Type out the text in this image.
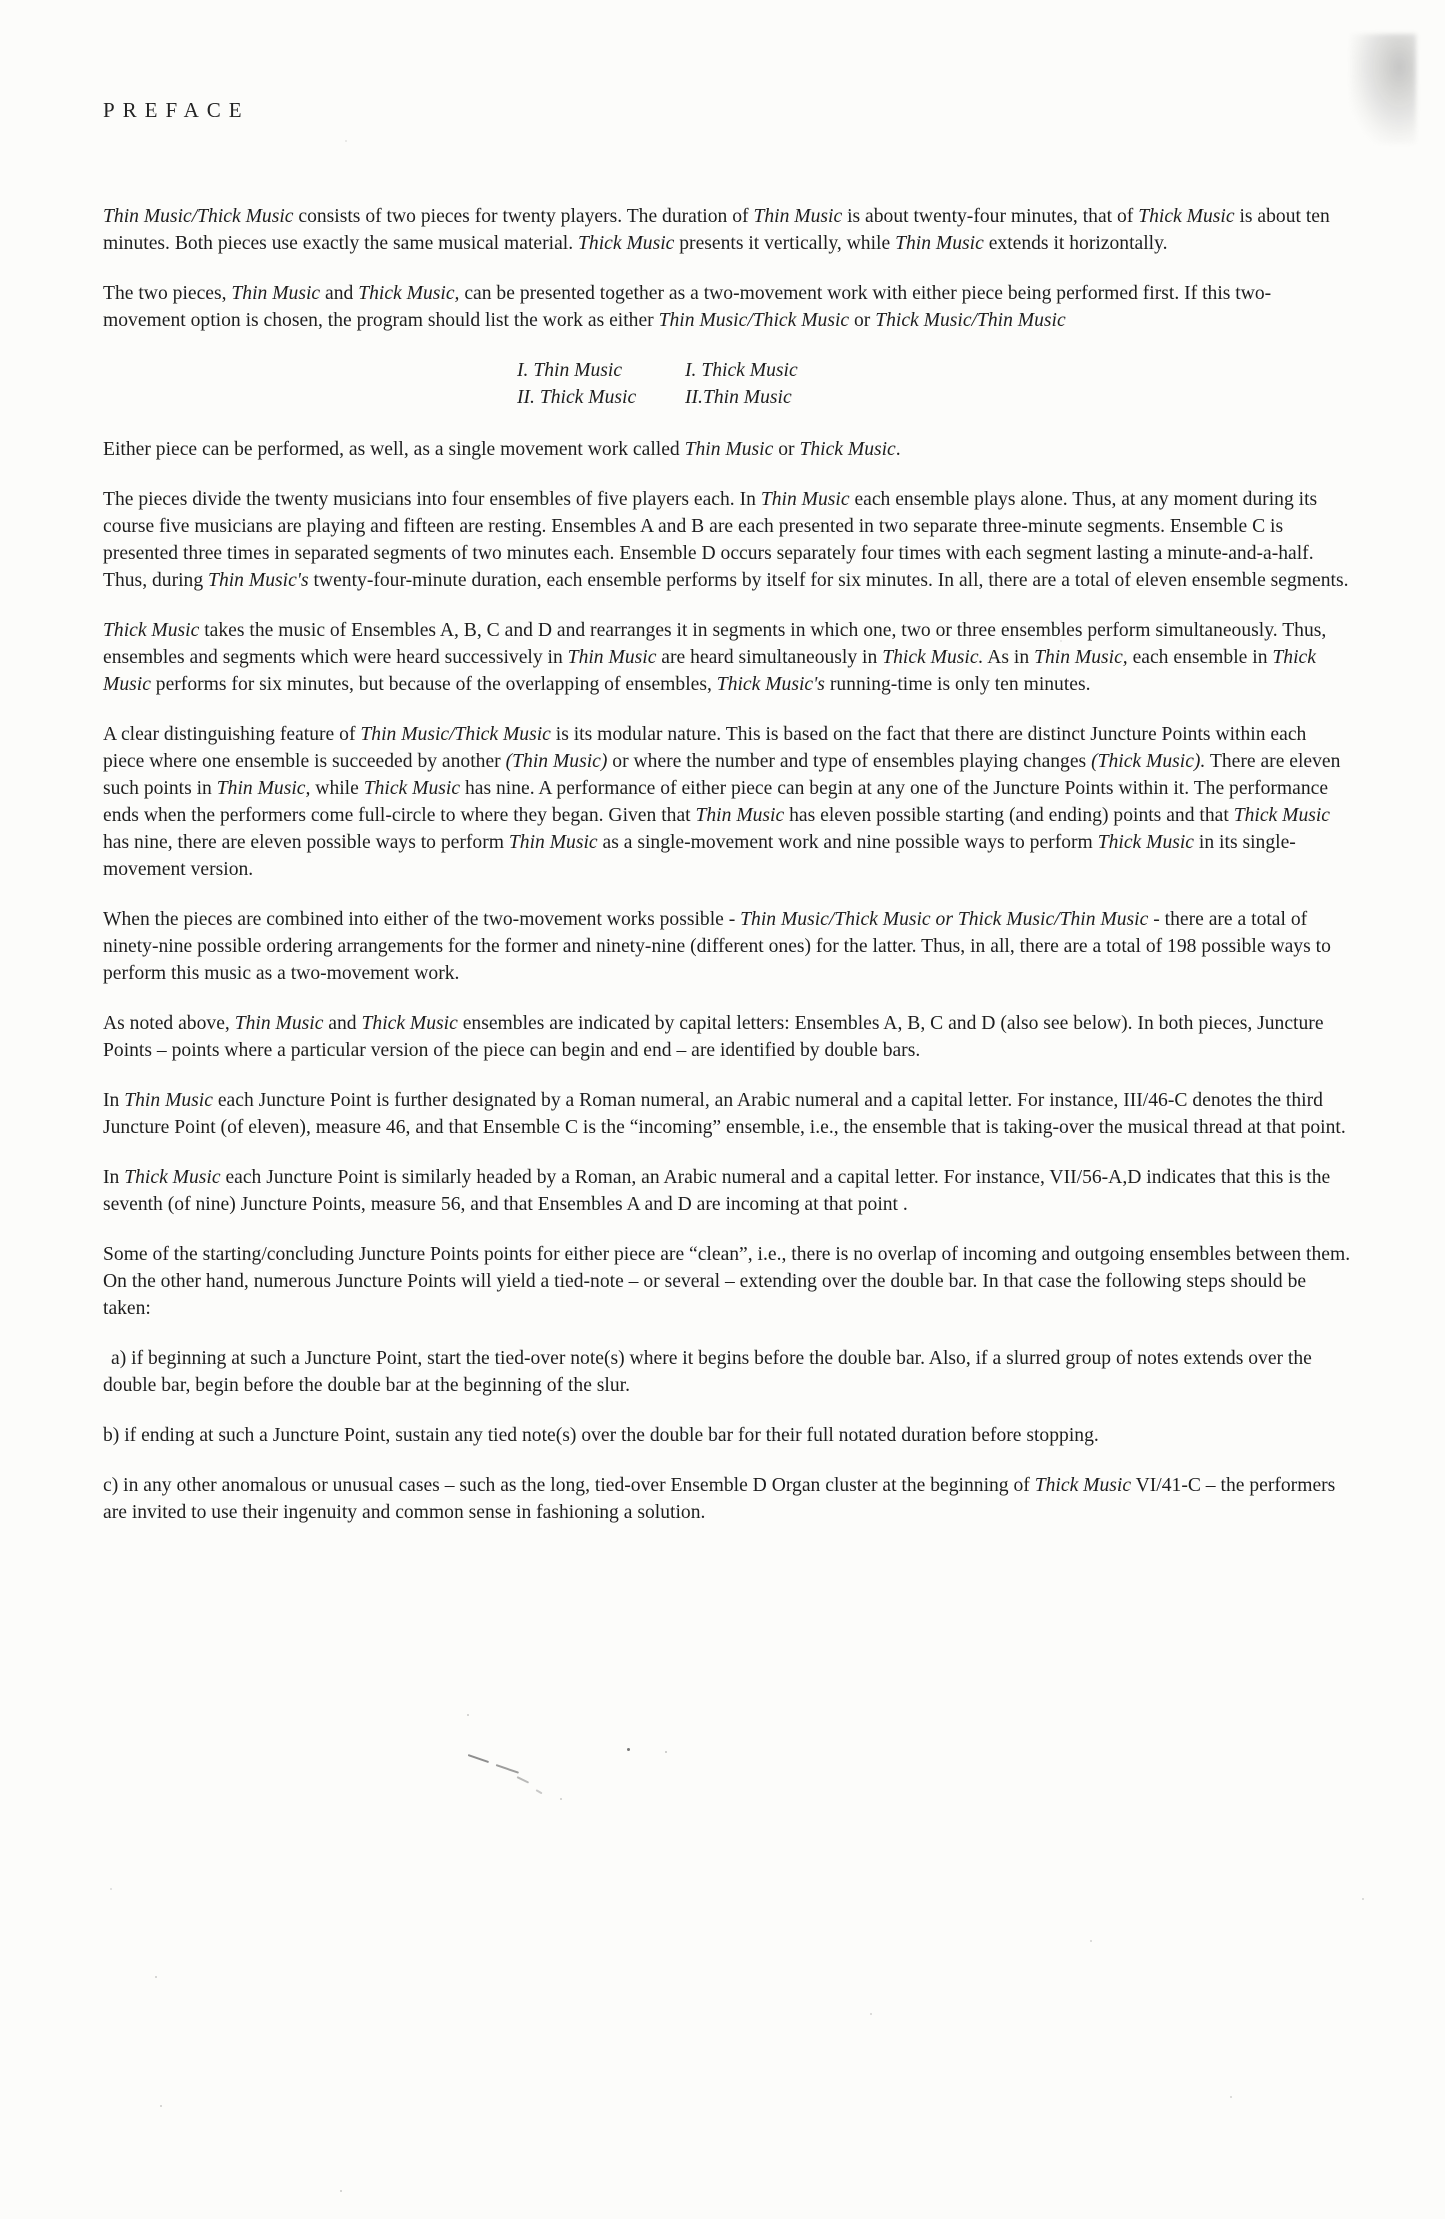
PREFACE

Thin Music/Thick Music consists of two pieces for twenty players. The duration of Thin Music is about twenty-four minutes, that of Thick Music is about ten minutes. Both pieces use exactly the same musical material. Thick Music presents it vertically, while Thin Music extends it horizontally.

The two pieces, Thin Music and Thick Music, can be presented together as a two-movement work with either piece being performed first. If this two-movement option is chosen, the program should list the work as either Thin Music/Thick Music or Thick Music/Thin Music

I. Thin Music	I. Thick Music
II. Thick Music	II.Thin Music

Either piece can be performed, as well, as a single movement work called Thin Music or Thick Music.

The pieces divide the twenty musicians into four ensembles of five players each. In Thin Music each ensemble plays alone. Thus, at any moment during its course five musicians are playing and fifteen are resting. Ensembles A and B are each presented in two separate three-minute segments. Ensemble C is presented three times in separated segments of two minutes each. Ensemble D occurs separately four times with each segment lasting a minute-and-a-half. Thus, during Thin Music's twenty-four-minute duration, each ensemble performs by itself for six minutes. In all, there are a total of eleven ensemble segments.

Thick Music takes the music of Ensembles A, B, C and D and rearranges it in segments in which one, two or three ensembles perform simultaneously. Thus, ensembles and segments which were heard successively in Thin Music are heard simultaneously in Thick Music. As in Thin Music, each ensemble in Thick Music performs for six minutes, but because of the overlapping of ensembles, Thick Music's running-time is only ten minutes.

A clear distinguishing feature of Thin Music/Thick Music is its modular nature. This is based on the fact that there are distinct Juncture Points within each piece where one ensemble is succeeded by another (Thin Music) or where the number and type of ensembles playing changes (Thick Music). There are eleven such points in Thin Music, while Thick Music has nine. A performance of either piece can begin at any one of the Juncture Points within it. The performance ends when the performers come full-circle to where they began. Given that Thin Music has eleven possible starting (and ending) points and that Thick Music has nine, there are eleven possible ways to perform Thin Music as a single-movement work and nine possible ways to perform Thick Music in its single-movement version.

When the pieces are combined into either of the two-movement works possible - Thin Music/Thick Music or Thick Music/Thin Music - there are a total of ninety-nine possible ordering arrangements for the former and ninety-nine (different ones) for the latter. Thus, in all, there are a total of 198 possible ways to perform this music as a two-movement work.

As noted above, Thin Music and Thick Music ensembles are indicated by capital letters: Ensembles A, B, C and D (also see below). In both pieces, Juncture Points – points where a particular version of the piece can begin and end – are identified by double bars.

In Thin Music each Juncture Point is further designated by a Roman numeral, an Arabic numeral and a capital letter. For instance, III/46-C denotes the third Juncture Point (of eleven), measure 46, and that Ensemble C is the “incoming” ensemble, i.e., the ensemble that is taking-over the musical thread at that point.

In Thick Music each Juncture Point is similarly headed by a Roman, an Arabic numeral and a capital letter. For instance, VII/56-A,D indicates that this is the seventh (of nine) Juncture Points, measure 56, and that Ensembles A and D are incoming at that point .

Some of the starting/concluding Juncture Points points for either piece are “clean”, i.e., there is no overlap of incoming and outgoing ensembles between them. On the other hand, numerous Juncture Points will yield a tied-note – or several – extending over the double bar. In that case the following steps should be taken:

a) if beginning at such a Juncture Point, start the tied-over note(s) where it begins before the double bar. Also, if a slurred group of notes extends over the double bar, begin before the double bar at the beginning of the slur.

b) if ending at such a Juncture Point, sustain any tied note(s) over the double bar for their full notated duration before stopping.

c) in any other anomalous or unusual cases – such as the long, tied-over Ensemble D Organ cluster at the beginning of Thick Music VI/41-C – the performers are invited to use their ingenuity and common sense in fashioning a solution.
